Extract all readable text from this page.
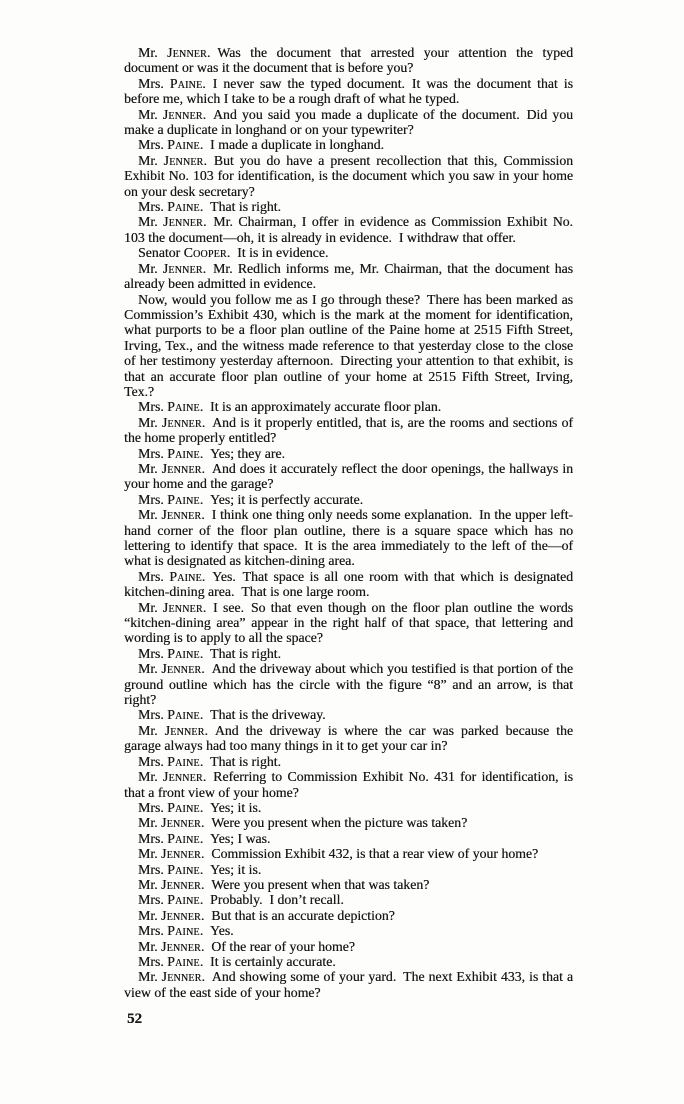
Mr. Jenner. Was the document that arrested your attention the typed document or was it the document that is before you?

Mrs. Paine. I never saw the typed document. It was the document that is before me, which I take to be a rough draft of what he typed.

Mr. Jenner. And you said you made a duplicate of the document. Did you make a duplicate in longhand or on your typewriter?

Mrs. Paine. I made a duplicate in longhand.

Mr. Jenner. But you do have a present recollection that this, Commission Exhibit No. 103 for identification, is the document which you saw in your home on your desk secretary?

Mrs. Paine. That is right.

Mr. Jenner. Mr. Chairman, I offer in evidence as Commission Exhibit No. 103 the document—oh, it is already in evidence. I withdraw that offer.

Senator Cooper. It is in evidence.

Mr. Jenner. Mr. Redlich informs me, Mr. Chairman, that the document has already been admitted in evidence.

Now, would you follow me as I go through these? There has been marked as Commission’s Exhibit 430, which is the mark at the moment for identification, what purports to be a floor plan outline of the Paine home at 2515 Fifth Street, Irving, Tex., and the witness made reference to that yesterday close to the close of her testimony yesterday afternoon. Directing your attention to that exhibit, is that an accurate floor plan outline of your home at 2515 Fifth Street, Irving, Tex.?

Mrs. Paine. It is an approximately accurate floor plan.

Mr. Jenner. And is it properly entitled, that is, are the rooms and sections of the home properly entitled?

Mrs. Paine. Yes; they are.

Mr. Jenner. And does it accurately reflect the door openings, the hallways in your home and the garage?

Mrs. Paine. Yes; it is perfectly accurate.

Mr. Jenner. I think one thing only needs some explanation. In the upper left-hand corner of the floor plan outline, there is a square space which has no lettering to identify that space. It is the area immediately to the left of the—of what is designated as kitchen-dining area.

Mrs. Paine. Yes. That space is all one room with that which is designated kitchen-dining area. That is one large room.

Mr. Jenner. I see. So that even though on the floor plan outline the words “kitchen-dining area” appear in the right half of that space, that lettering and wording is to apply to all the space?

Mrs. Paine. That is right.

Mr. Jenner. And the driveway about which you testified is that portion of the ground outline which has the circle with the figure “8” and an arrow, is that right?

Mrs. Paine. That is the driveway.

Mr. Jenner. And the driveway is where the car was parked because the garage always had too many things in it to get your car in?

Mrs. Paine. That is right.

Mr. Jenner. Referring to Commission Exhibit No. 431 for identification, is that a front view of your home?

Mrs. Paine. Yes; it is.

Mr. Jenner. Were you present when the picture was taken?

Mrs. Paine. Yes; I was.

Mr. Jenner. Commission Exhibit 432, is that a rear view of your home?

Mrs. Paine. Yes; it is.

Mr. Jenner. Were you present when that was taken?

Mrs. Paine. Probably. I don’t recall.

Mr. Jenner. But that is an accurate depiction?

Mrs. Paine. Yes.

Mr. Jenner. Of the rear of your home?

Mrs. Paine. It is certainly accurate.

Mr. Jenner. And showing some of your yard. The next Exhibit 433, is that a view of the east side of your home?

52
